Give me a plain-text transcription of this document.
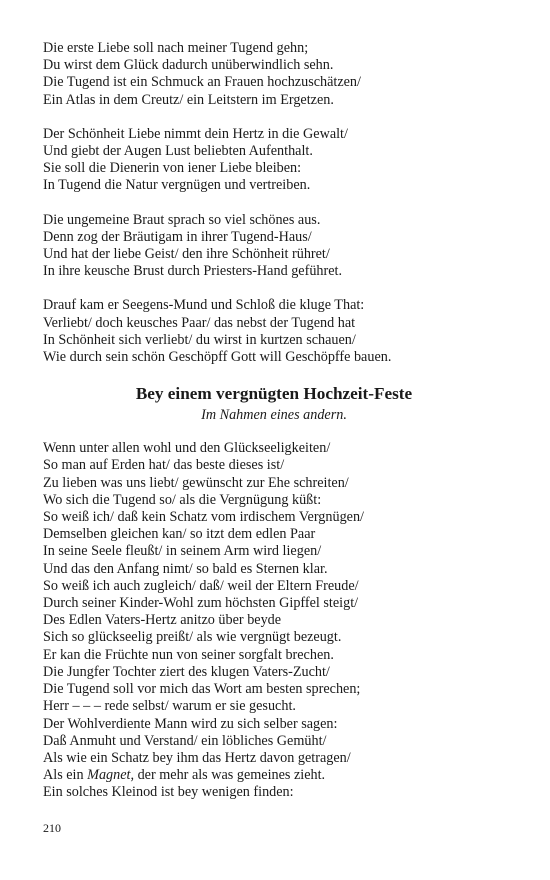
Die erste Liebe soll nach meiner Tugend gehn;
Du wirst dem Glück dadurch unüberwindlich sehn.
Die Tugend ist ein Schmuck an Frauen hochzuschätzen/
Ein Atlas in dem Creutz/ ein Leitstern im Ergetzen.
Der Schönheit Liebe nimmt dein Hertz in die Gewalt/
Und giebt der Augen Lust beliebten Aufenthalt.
Sie soll die Dienerin von iener Liebe bleiben:
In Tugend die Natur vergnügen und vertreiben.
Die ungemeine Braut sprach so viel schönes aus.
Denn zog der Bräutigam in ihrer Tugend-Haus/
Und hat der liebe Geist/ den ihre Schönheit rühret/
In ihre keusche Brust durch Priesters-Hand geführet.
Drauf kam er Seegens-Mund und Schloß die kluge That:
Verliebt/ doch keusches Paar/ das nebst der Tugend hat
In Schönheit sich verliebt/ du wirst in kurtzen schauen/
Wie durch sein schön Geschöpff Gott will Geschöpffe bauen.
Bey einem vergnügten Hochzeit-Feste
Im Nahmen eines andern.
Wenn unter allen wohl und den Glückseeligkeiten/
So man auf Erden hat/ das beste dieses ist/
Zu lieben was uns liebt/ gewünscht zur Ehe schreiten/
Wo sich die Tugend so/ als die Vergnügung küßt:
So weiß ich/ daß kein Schatz vom irdischem Vergnügen/
Demselben gleichen kan/ so itzt dem edlen Paar
In seine Seele fleußt/ in seinem Arm wird liegen/
Und das den Anfang nimt/ so bald es Sternen klar.
So weiß ich auch zugleich/ daß/ weil der Eltern Freude/
Durch seiner Kinder-Wohl zum höchsten Gipffel steigt/
Des Edlen Vaters-Hertz anitzo über beyde
Sich so glückseelig preißt/ als wie vergnügt bezeugt.
Er kan die Früchte nun von seiner sorgfalt brechen.
Die Jungfer Tochter ziert des klugen Vaters-Zucht/
Die Tugend soll vor mich das Wort am besten sprechen;
Herr – – – rede selbst/ warum er sie gesucht.
Der Wohlverdiente Mann wird zu sich selber sagen:
Daß Anmuht und Verstand/ ein löbliches Gemüht/
Als wie ein Schatz bey ihm das Hertz davon getragen/
Als ein Magnet, der mehr als was gemeines zieht.
Ein solches Kleinod ist bey wenigen finden:
210
